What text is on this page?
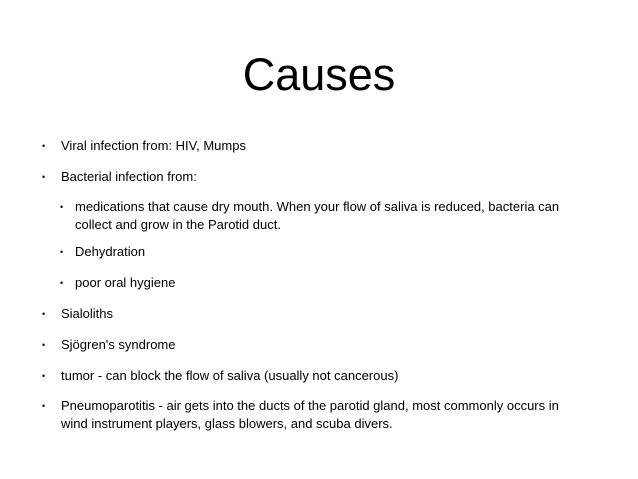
Causes
• Viral infection from: HIV, Mumps

• Bacterial infection from:

• medications that cause dry mouth. When your flow of saliva is reduced, bacteria can
collect and grow in the Parotid duct.

• Dehydration

• poor oral hygiene

• Sialoliths

• Sjögren's syndrome

• tumor - can block the flow of saliva (usually not cancerous)

• Pneumoparotitis - air gets into the ducts of the parotid gland, most commonly occurs in
wind instrument players, glass blowers, and scuba divers.
